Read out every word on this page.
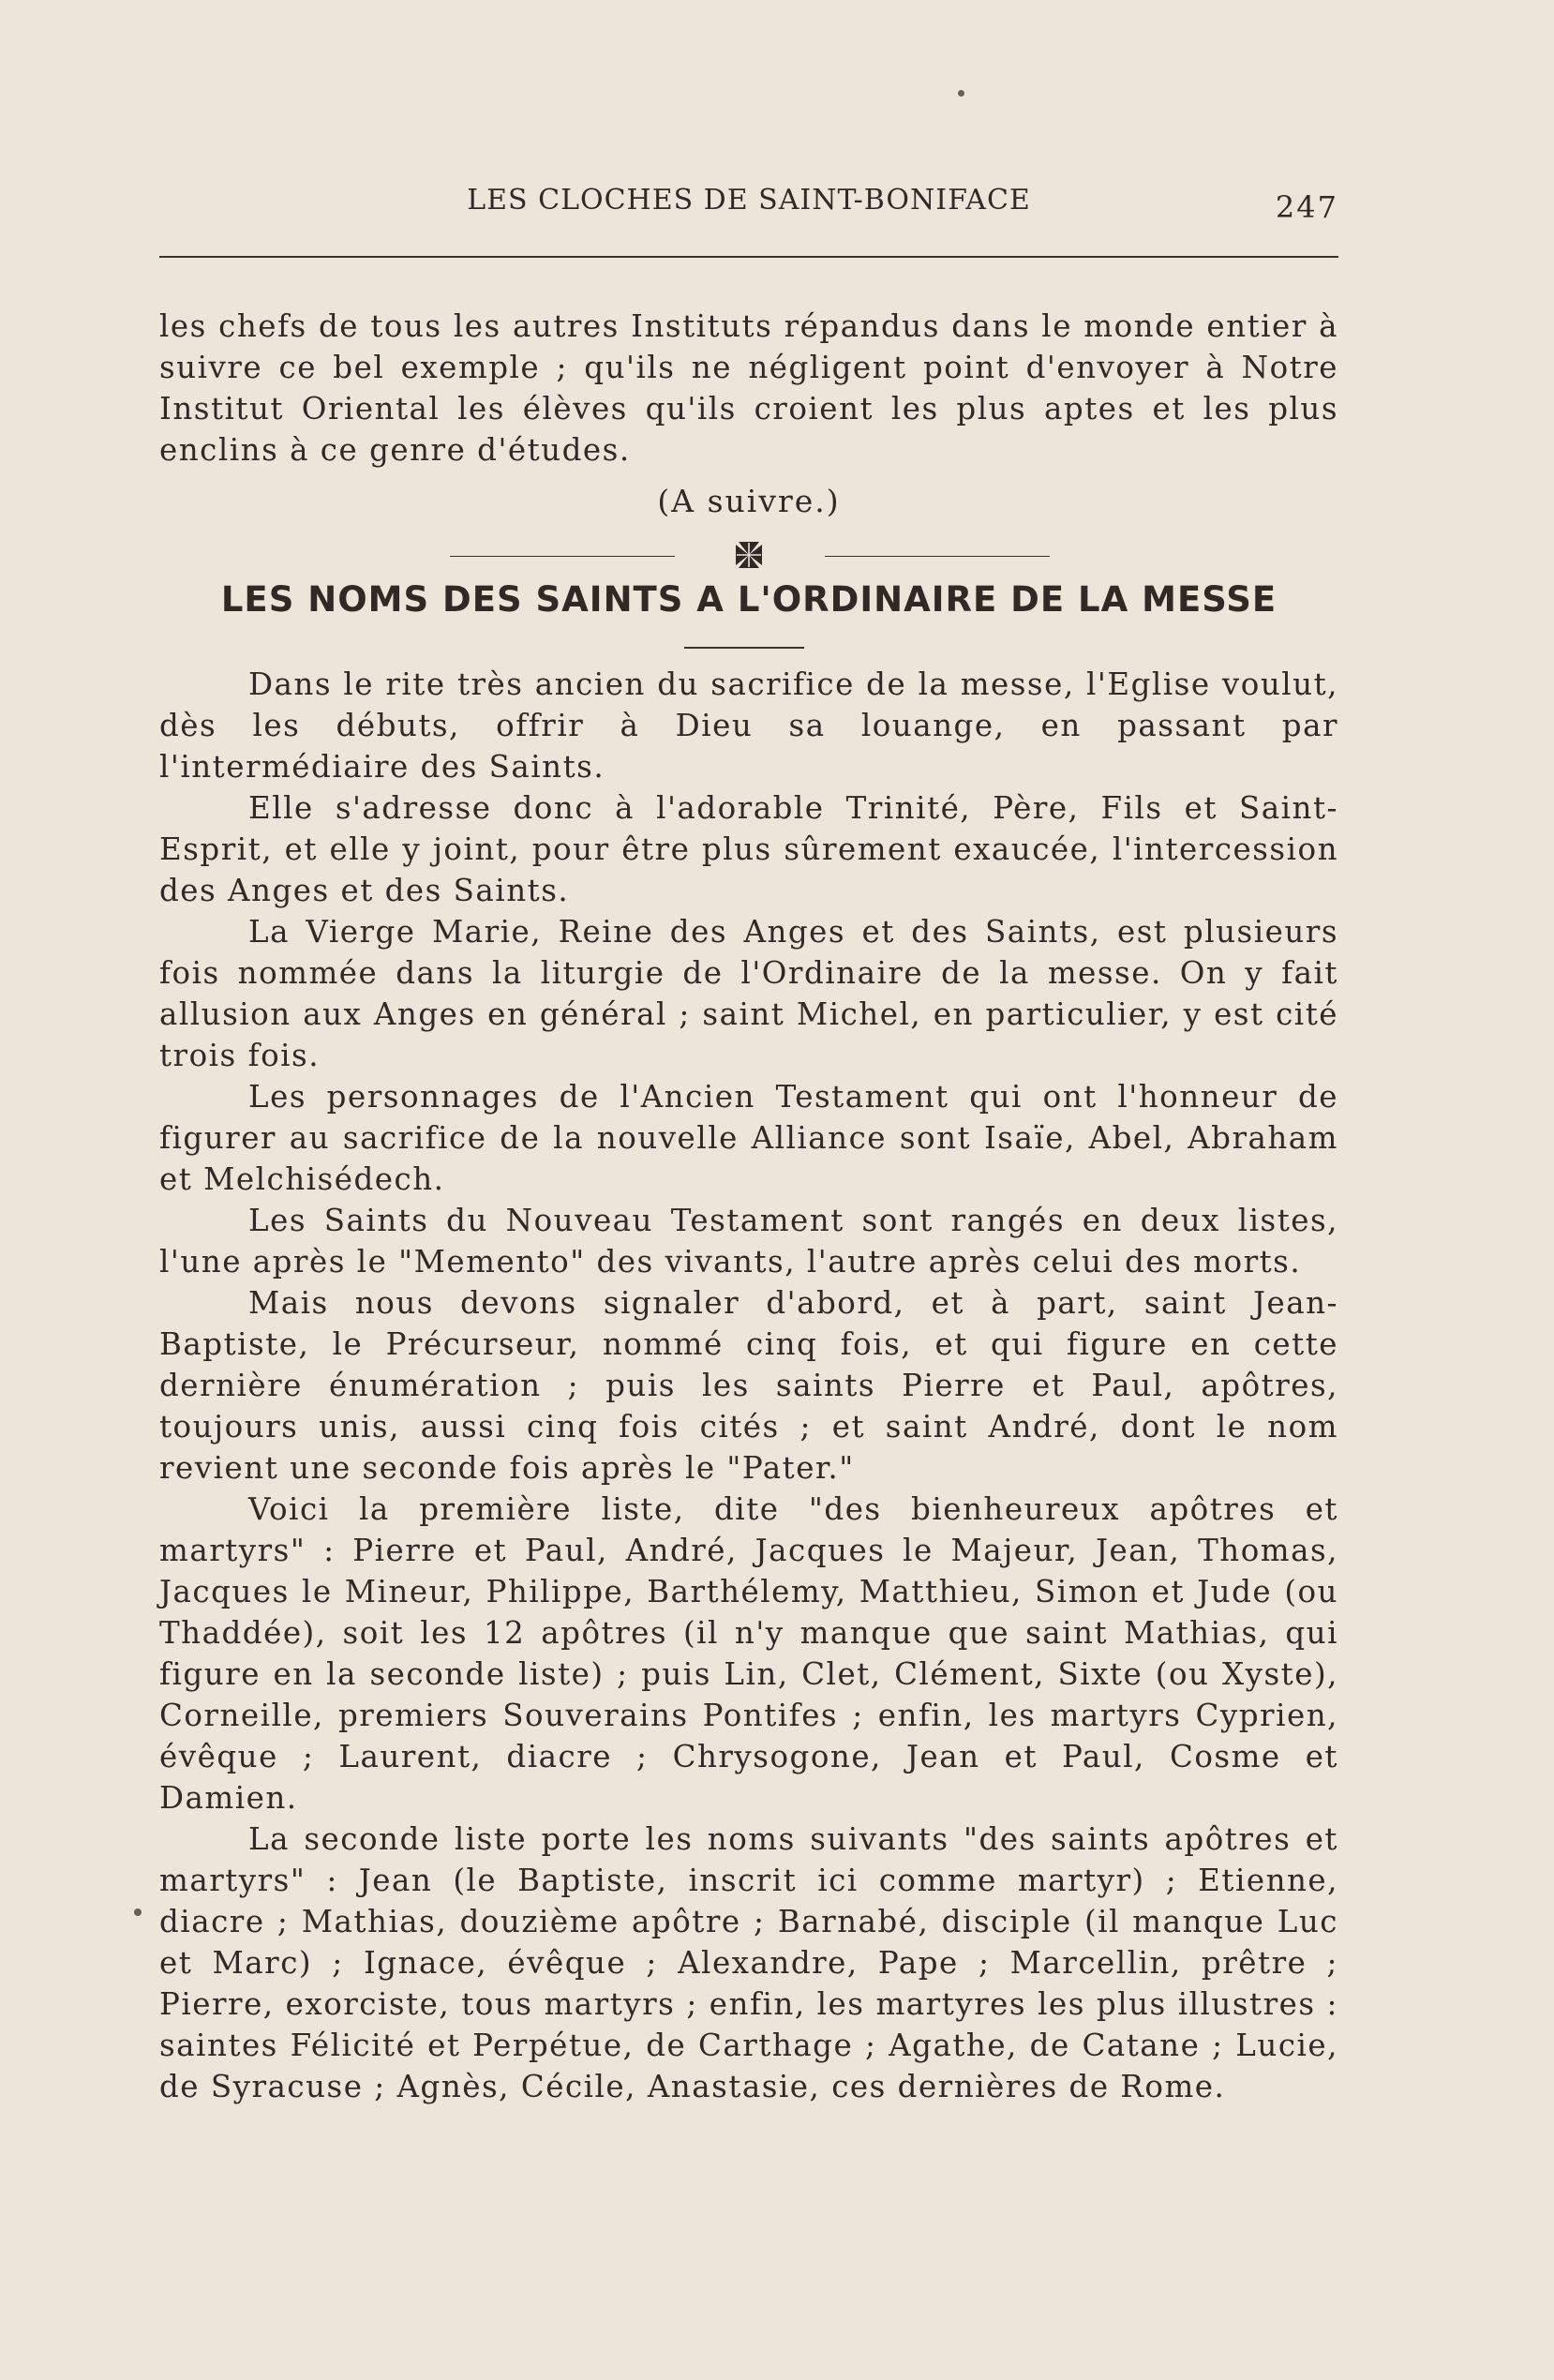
LES CLOCHES DE SAINT-BONIFACE	247

les chefs de tous les autres Instituts répandus dans le monde entier à suivre ce bel exemple ; qu'ils ne négligent point d'envoyer à Notre Institut Oriental les élèves qu'ils croient les plus aptes et les plus enclins à ce genre d'études.

(A suivre.)
LES NOMS DES SAINTS A L'ORDINAIRE DE LA MESSE

Dans le rite très ancien du sacrifice de la messe, l'Eglise voulut, dès les débuts, offrir à Dieu sa louange, en passant par l'intermédiaire des Saints.

Elle s'adresse donc à l'adorable Trinité, Père, Fils et Saint-Esprit, et elle y joint, pour être plus sûrement exaucée, l'intercession des Anges et des Saints.

La Vierge Marie, Reine des Anges et des Saints, est plusieurs fois nommée dans la liturgie de l'Ordinaire de la messe. On y fait allusion aux Anges en général ; saint Michel, en particulier, y est cité trois fois.

Les personnages de l'Ancien Testament qui ont l'honneur de figurer au sacrifice de la nouvelle Alliance sont Isaïe, Abel, Abraham et Melchisédech.

Les Saints du Nouveau Testament sont rangés en deux listes, l'une après le "Memento" des vivants, l'autre après celui des morts.

Mais nous devons signaler d'abord, et à part, saint Jean-Baptiste, le Précurseur, nommé cinq fois, et qui figure en cette dernière énumération ; puis les saints Pierre et Paul, apôtres, toujours unis, aussi cinq fois cités ; et saint André, dont le nom revient une seconde fois après le "Pater."

Voici la première liste, dite "des bienheureux apôtres et martyrs" : Pierre et Paul, André, Jacques le Majeur, Jean, Thomas, Jacques le Mineur, Philippe, Barthélemy, Matthieu, Simon et Jude (ou Thaddée), soit les 12 apôtres (il n'y manque que saint Mathias, qui figure en la seconde liste) ; puis Lin, Clet, Clément, Sixte (ou Xyste), Corneille, premiers Souverains Pontifes ; enfin, les martyrs Cyprien, évêque ; Laurent, diacre ; Chrysogone, Jean et Paul, Cosme et Damien.

La seconde liste porte les noms suivants "des saints apôtres et martyrs" : Jean (le Baptiste, inscrit ici comme martyr) ; Etienne, diacre ; Mathias, douzième apôtre ; Barnabé, disciple (il manque Luc et Marc) ; Ignace, évêque ; Alexandre, Pape ; Marcellin, prêtre ; Pierre, exorciste, tous martyrs ; enfin, les martyres les plus illustres : saintes Félicité et Perpétue, de Carthage ; Agathe, de Catane ; Lucie, de Syracuse ; Agnès, Cécile, Anastasie, ces dernières de Rome.
